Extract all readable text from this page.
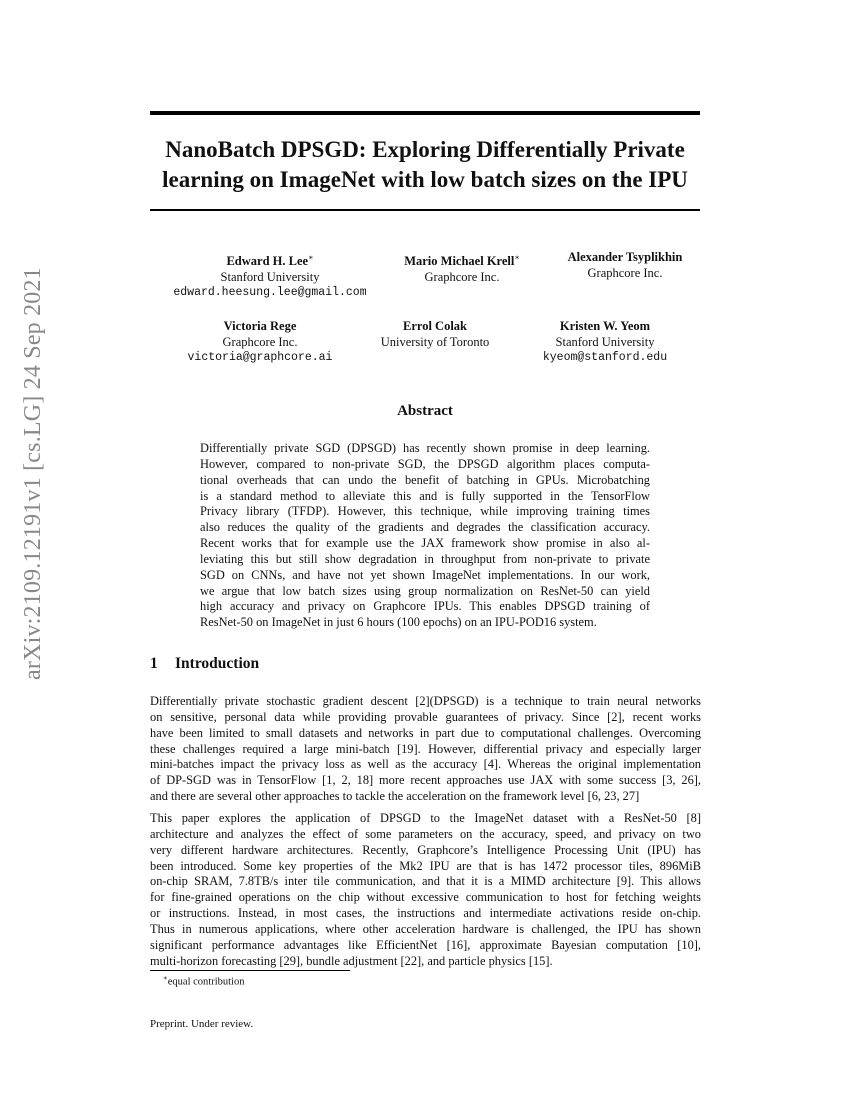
arXiv:2109.12191v1 [cs.LG] 24 Sep 2021
NanoBatch DPSGD: Exploring Differentially Private
learning on ImageNet with low batch sizes on the IPU
Edward H. Lee∗
Stanford University
edward.heesung.lee@gmail.com
Mario Michael Krell∗
Graphcore Inc.
Alexander Tsyplikhin
Graphcore Inc.
Victoria Rege
Graphcore Inc.
victoria@graphcore.ai
Errol Colak
University of Toronto
Kristen W. Yeom
Stanford University
kyeom@stanford.edu
Abstract
Differentially private SGD (DPSGD) has recently shown promise in deep learning.
However, compared to non-private SGD, the DPSGD algorithm places computa-
tional overheads that can undo the benefit of batching in GPUs. Microbatching
is a standard method to alleviate this and is fully supported in the TensorFlow
Privacy library (TFDP). However, this technique, while improving training times
also reduces the quality of the gradients and degrades the classification accuracy.
Recent works that for example use the JAX framework show promise in also al-
leviating this but still show degradation in throughput from non-private to private
SGD on CNNs, and have not yet shown ImageNet implementations. In our work,
we argue that low batch sizes using group normalization on ResNet-50 can yield
high accuracy and privacy on Graphcore IPUs. This enables DPSGD training of
ResNet-50 on ImageNet in just 6 hours (100 epochs) on an IPU-POD16 system.
1 Introduction
Differentially private stochastic gradient descent [2](DPSGD) is a technique to train neural networks
on sensitive, personal data while providing provable guarantees of privacy. Since [2], recent works
have been limited to small datasets and networks in part due to computational challenges. Overcoming
these challenges required a large mini-batch [19]. However, differential privacy and especially larger
mini-batches impact the privacy loss as well as the accuracy [4]. Whereas the original implementation
of DP-SGD was in TensorFlow [1, 2, 18] more recent approaches use JAX with some success [3, 26],
and there are several other approaches to tackle the acceleration on the framework level [6, 23, 27]
This paper explores the application of DPSGD to the ImageNet dataset with a ResNet-50 [8]
architecture and analyzes the effect of some parameters on the accuracy, speed, and privacy on two
very different hardware architectures. Recently, Graphcore’s Intelligence Processing Unit (IPU) has
been introduced. Some key properties of the Mk2 IPU are that is has 1472 processor tiles, 896MiB
on-chip SRAM, 7.8TB/s inter tile communication, and that it is a MIMD architecture [9]. This allows
for fine-grained operations on the chip without excessive communication to host for fetching weights
or instructions. Instead, in most cases, the instructions and intermediate activations reside on-chip.
Thus in numerous applications, where other acceleration hardware is challenged, the IPU has shown
significant performance advantages like EfficientNet [16], approximate Bayesian computation [10],
multi-horizon forecasting [29], bundle adjustment [22], and particle physics [15].
∗equal contribution
Preprint. Under review.
